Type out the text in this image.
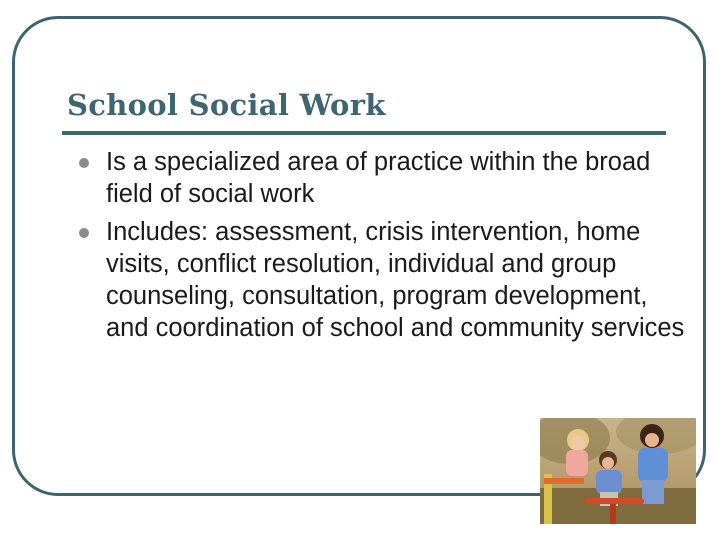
School Social Work
Is a specialized area of practice within the broad field of social work
Includes: assessment, crisis intervention, home visits, conflict resolution, individual and group counseling, consultation, program development, and coordination of school and community services
